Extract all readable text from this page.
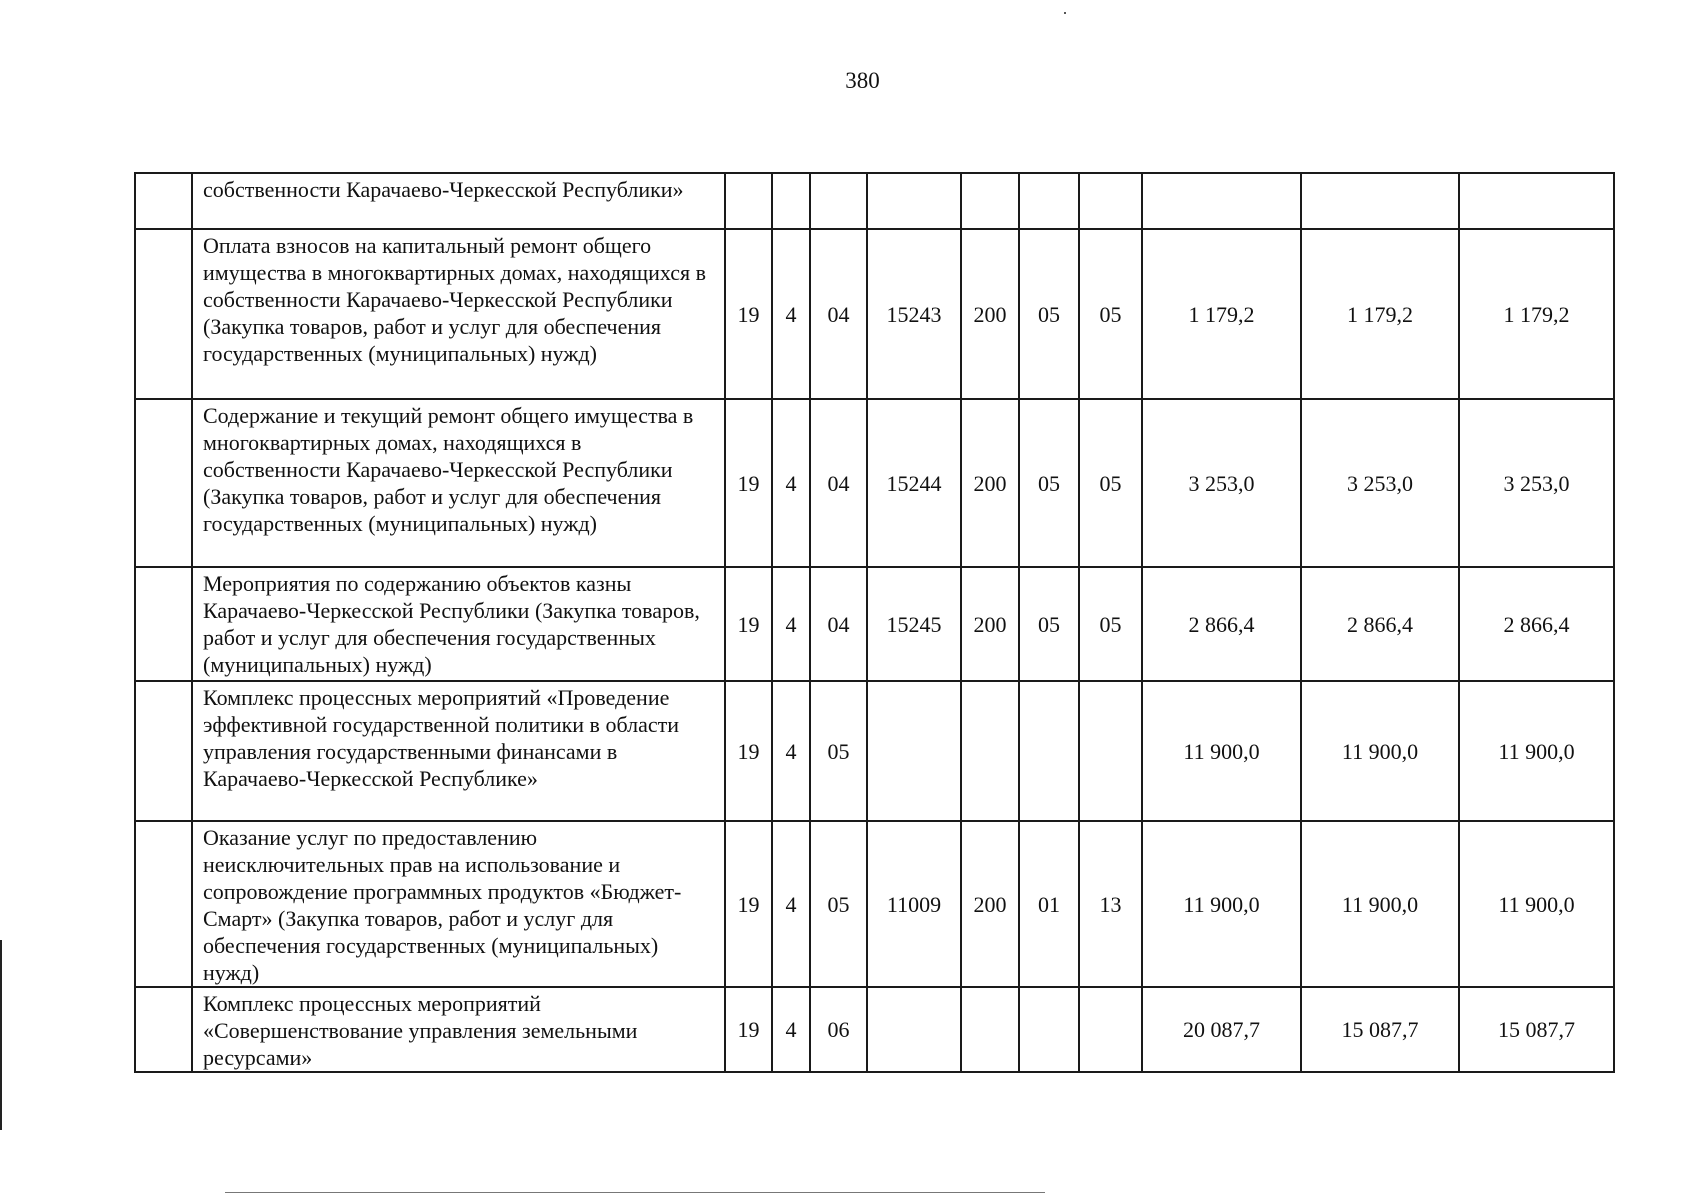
380
	собственности Карачаево-Черкесской Республики»										
	Оплата взносов на капитальный ремонт общего имущества в многоквартирных домах, находящихся в собственности Карачаево-Черкесской Республики (Закупка товаров, работ и услуг для обеспечения государственных (муниципальных) нужд)	19	4	04	15243	200	05	05	1 179,2	1 179,2	1 179,2
	Содержание и текущий ремонт общего имущества в многоквартирных домах, находящихся в собственности Карачаево-Черкесской Республики (Закупка товаров, работ и услуг для обеспечения государственных (муниципальных) нужд)	19	4	04	15244	200	05	05	3 253,0	3 253,0	3 253,0
	Мероприятия по содержанию объектов казны Карачаево-Черкесской Республики (Закупка товаров, работ и услуг для обеспечения государственных (муниципальных) нужд)	19	4	04	15245	200	05	05	2 866,4	2 866,4	2 866,4
	Комплекс процессных мероприятий «Проведение эффективной государственной политики в области управления государственными финансами в Карачаево-Черкесской Республике»	19	4	05					11 900,0	11 900,0	11 900,0
	Оказание услуг по предоставлению неисключительных прав на использование и сопровождение программных продуктов «Бюджет-Смарт» (Закупка товаров, работ и услуг для обеспечения государственных (муниципальных) нужд)	19	4	05	11009	200	01	13	11 900,0	11 900,0	11 900,0
	Комплекс процессных мероприятий «Совершенствование управления земельными ресурсами»	19	4	06					20 087,7	15 087,7	15 087,7
